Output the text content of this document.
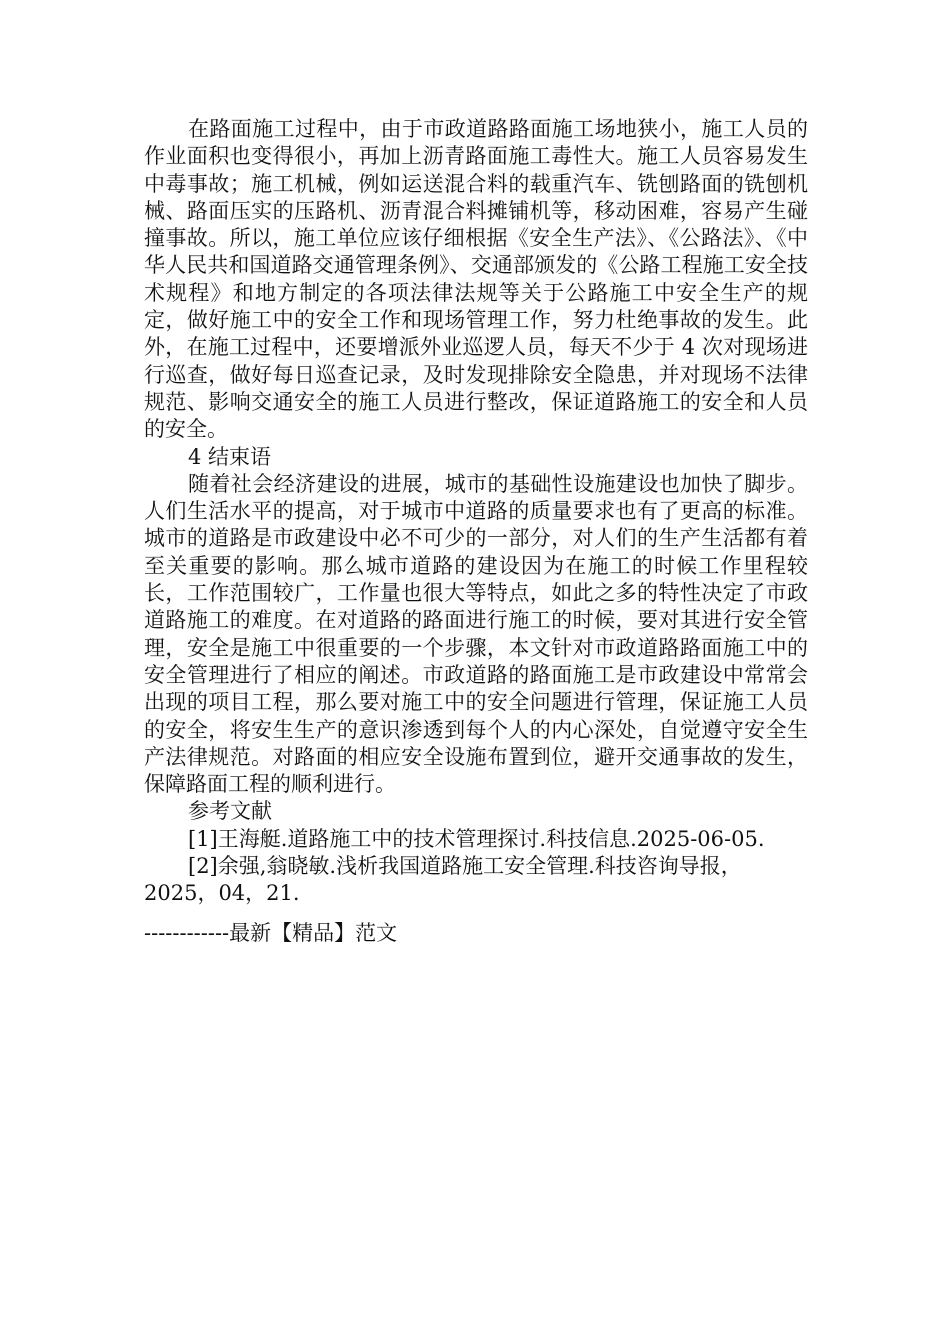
在路面施工过程中，由于市政道路路面施工场地狭小，施工人员的作业面积也变得很小，再加上沥青路面施工毒性大。施工人员容易发生中毒事故；施工机械，例如运送混合料的载重汽车、铣刨路面的铣刨机械、路面压实的压路机、沥青混合料摊铺机等，移动困难，容易产生碰撞事故。所以，施工单位应该仔细根据《安全生产法》、《公路法》、《中华人民共和国道路交通管理条例》、交通部颁发的《公路工程施工安全技术规程》和地方制定的各项法律法规等关于公路施工中安全生产的规定，做好施工中的安全工作和现场管理工作，努力杜绝事故的发生。此外，在施工过程中，还要增派外业巡逻人员，每天不少于 4 次对现场进行巡查，做好每日巡查记录，及时发现排除安全隐患，并对现场不法律规范、影响交通安全的施工人员进行整改，保证道路施工的安全和人员的安全。

4 结束语

随着社会经济建设的进展，城市的基础性设施建设也加快了脚步。人们生活水平的提高，对于城市中道路的质量要求也有了更高的标准。城市的道路是市政建设中必不可少的一部分，对人们的生产生活都有着至关重要的影响。那么城市道路的建设因为在施工的时候工作里程较长，工作范围较广，工作量也很大等特点，如此之多的特性决定了市政道路施工的难度。在对道路的路面进行施工的时候，要对其进行安全管理，安全是施工中很重要的一个步骤，本文针对市政道路路面施工中的安全管理进行了相应的阐述。市政道路的路面施工是市政建设中常常会出现的项目工程，那么要对施工中的安全问题进行管理，保证施工人员的安全，将安生生产的意识渗透到每个人的内心深处，自觉遵守安全生产法律规范。对路面的相应安全设施布置到位，避开交通事故的发生，保障路面工程的顺利进行。

参考文献

[1]王海艇.道路施工中的技术管理探讨.科技信息.2025-06-05.

[2]余强,翁晓敏.浅析我国道路施工安全管理.科技咨询导报，2025，04，21.

------------最新【精品】范文
